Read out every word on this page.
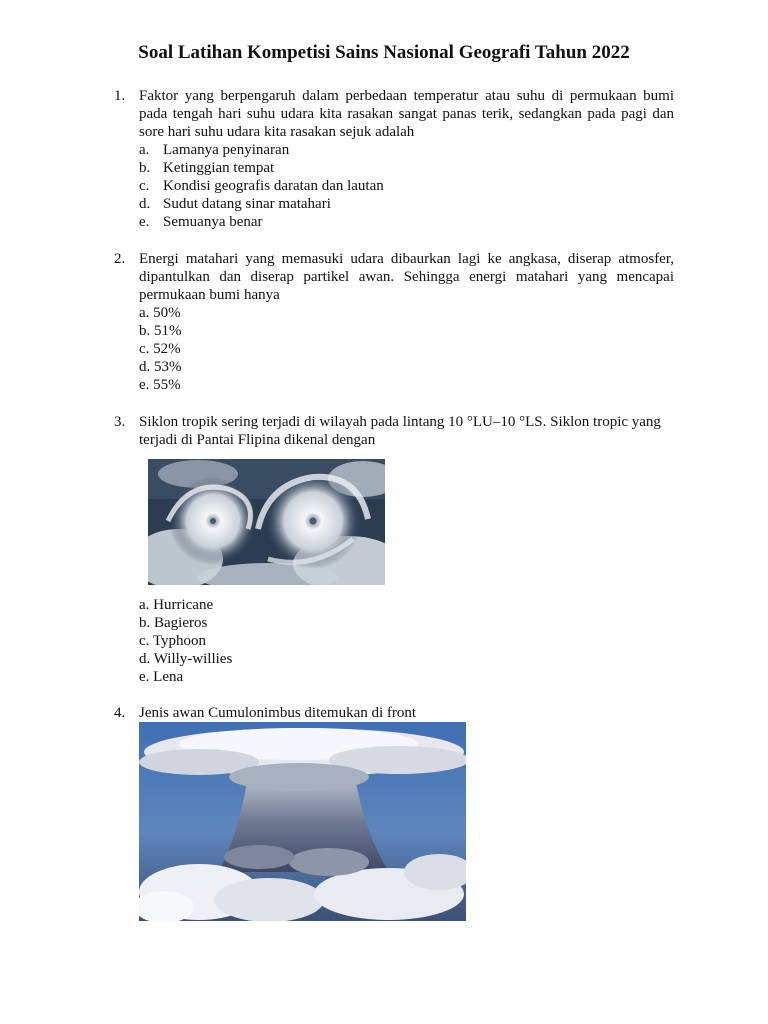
Soal Latihan Kompetisi Sains Nasional Geografi Tahun 2022
1. Faktor yang berpengaruh dalam perbedaan temperatur atau suhu di permukaan bumi pada tengah hari suhu udara kita rasakan sangat panas terik, sedangkan pada pagi dan sore hari suhu udara kita rasakan sejuk adalah
a. Lamanya penyinaran
b. Ketinggian tempat
c. Kondisi geografis daratan dan lautan
d. Sudut datang sinar matahari
e. Semuanya benar
2. Energi matahari yang memasuki udara dibaurkan lagi ke angkasa, diserap atmosfer, dipantulkan dan diserap partikel awan. Sehingga energi matahari yang mencapai permukaan bumi hanya
a. 50%
b. 51%
c. 52%
d. 53%
e. 55%
3. Siklon tropik sering terjadi di wilayah pada lintang 10 °LU–10 °LS. Siklon tropic yang terjadi di Pantai Flipina dikenal dengan
a. Hurricane
b. Bagieros
c. Typhoon
d. Willy-willies
e. Lena
4. Jenis awan Cumulonimbus ditemukan di front
